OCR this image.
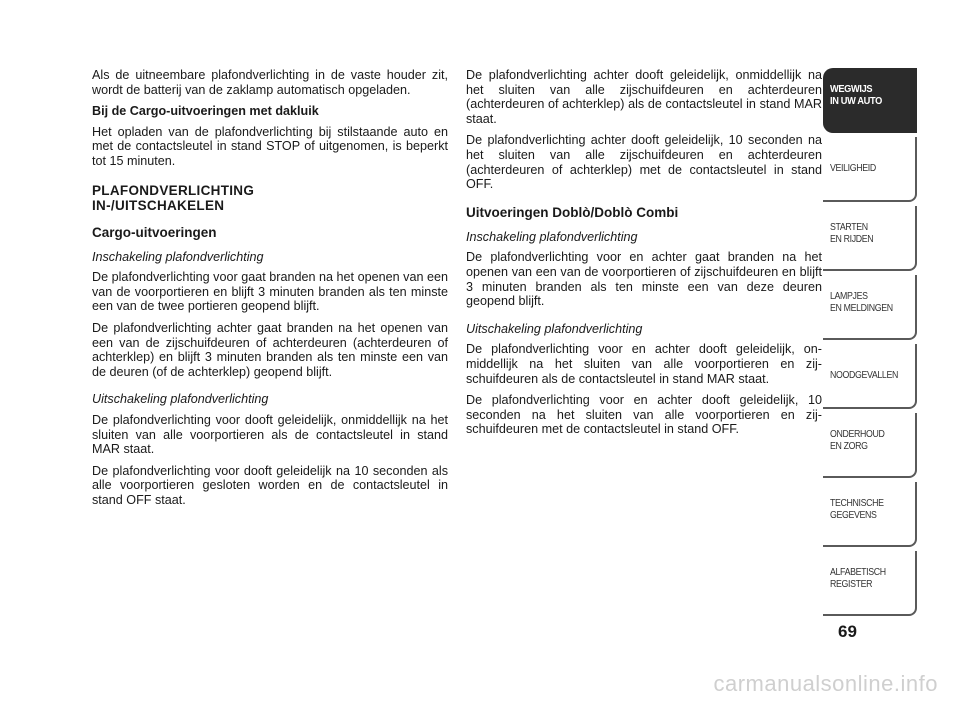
Als de uitneembare plafondverlichting in de vaste houder zit, wordt de batterij van de zaklamp automatisch opgeladen.

Bij de Cargo-uitvoeringen met dakluik

Het opladen van de plafondverlichting bij stilstaande auto en met de contactsleutel in stand STOP of uitgenomen, is beperkt tot 15 minuten.

PLAFONDVERLICHTING
IN-/UITSCHAKELEN
Cargo-uitvoeringen

Inschakeling plafondverlichting

De plafondverlichting voor gaat branden na het openen van een van de voorportieren en blijft 3 minuten branden als ten minste een van de twee portieren geopend blijft.

De plafondverlichting achter gaat branden na het openen van een van de zijschuifdeuren of achterdeuren (achterdeuren of achterklep) en blijft 3 minuten branden als ten minste een van de deuren (of de achterklep) geopend blijft.

Uitschakeling plafondverlichting

De plafondverlichting voor dooft geleidelijk, onmiddellijk na het sluiten van alle voorportieren als de contactsleutel in stand MAR staat.

De plafondverlichting voor dooft geleidelijk na 10 seconden als alle voorportieren gesloten worden en de contactsleutel in stand OFF staat.

De plafondverlichting achter dooft geleidelijk, onmiddellijk na het sluiten van alle zijschuifdeuren en achterdeuren (achterdeuren of achterklep) als de contactsleutel in stand MAR staat.

De plafondverlichting achter dooft geleidelijk, 10 seconden na het sluiten van alle zijschuifdeuren en achterdeuren (achterdeuren of achterklep) met de contactsleutel in stand OFF.

Uitvoeringen Doblò/Doblò Combi

Inschakeling plafondverlichting

De plafondverlichting voor en achter gaat branden na het openen van een van de voorportieren of zijschuifdeuren en blijft 3 minuten branden als ten minste een van deze deuren geopend blijft.

Uitschakeling plafondverlichting

De plafondverlichting voor en achter dooft geleidelijk, onmiddellijk na het sluiten van alle voorportieren en zijschuifdeuren als de contactsleutel in stand MAR staat.

De plafondverlichting voor en achter dooft geleidelijk, 10 seconden na het sluiten van alle voorportieren en zijschuifdeuren met de contactsleutel in stand OFF.

WEGWIJS
IN UW AUTO
VEILIGHEID
STARTEN
EN RIJDEN
LAMPJES
EN MELDINGEN
NOODGEVALLEN
ONDERHOUD
EN ZORG
TECHNISCHE
GEGEVENS
ALFABETISCH
REGISTER
69
carmanualsonline.info
